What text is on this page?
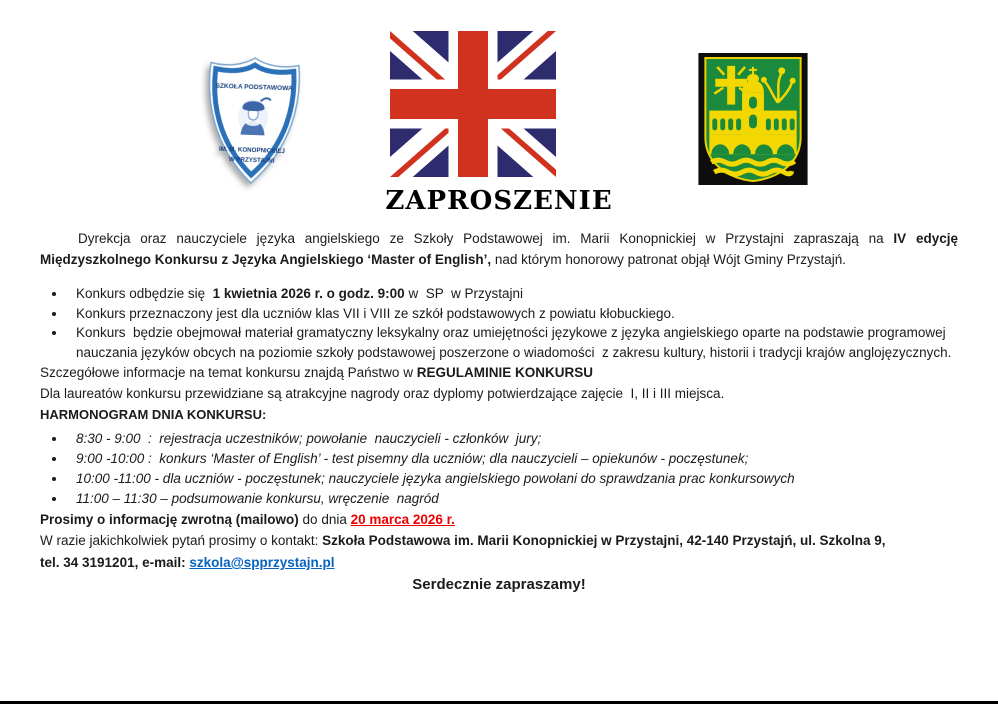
SZKOŁA PODSTAWOWA
IM. M. KONOPNICKIEJ
W PRZYSTAJNI
ZAPROSZENIE

Dyrekcja oraz nauczyciele języka angielskiego ze Szkoły Podstawowej im. Marii Konopnickiej w Przystajni zapraszają na IV edycję Międzyszkolnego Konkursu z Języka Angielskiego ‘Master of English’, nad którym honorowy patronat objął Wójt Gminy Przystajń.

• Konkurs odbędzie się  1 kwietnia 2026 r. o godz. 9:00 w  SP  w Przystajni
• Konkurs przeznaczony jest dla uczniów klas VII i VIII ze szkół podstawowych z powiatu kłobuckiego.
• Konkurs  będzie obejmował materiał gramatyczny leksykalny oraz umiejętności językowe z języka angielskiego oparte na podstawie programowej nauczania języków obcych na poziomie szkoły podstawowej poszerzone o wiadomości  z zakresu kultury, historii i tradycji krajów anglojęzycznych.

Szczegółowe informacje na temat konkursu znajdą Państwo w REGULAMINIE KONKURSU

Dla laureatów konkursu przewidziane są atrakcyjne nagrody oraz dyplomy potwierdzające zajęcie  I, II i III miejsca.

HARMONOGRAM DNIA KONKURSU:

• 8:30 - 9:00  :  rejestracja uczestników; powołanie  nauczycieli - członków  jury;
• 9:00 -10:00 :  konkurs ‘Master of English’ - test pisemny dla uczniów; dla nauczycieli – opiekunów - poczęstunek;
• 10:00 -11:00 - dla uczniów - poczęstunek; nauczyciele języka angielskiego powołani do sprawdzania prac konkursowych
• 11:00 – 11:30 – podsumowanie konkursu, wręczenie  nagród

Prosimy o informację zwrotną (mailowo) do dnia 20 marca 2026 r.

W razie jakichkolwiek pytań prosimy o kontakt: Szkoła Podstawowa im. Marii Konopnickiej w Przystajni, 42-140 Przystajń, ul. Szkolna 9,
tel. 34 3191201, e-mail: szkola@spprzystajn.pl

Serdecznie zapraszamy!
